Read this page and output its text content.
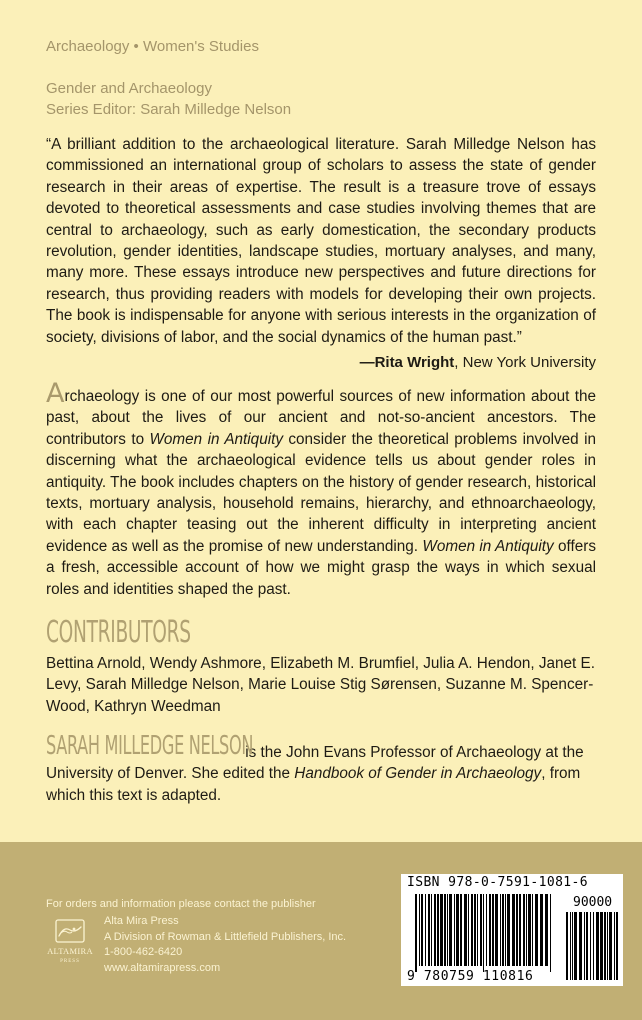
Archaeology • Women's Studies
Gender and Archaeology
Series Editor: Sarah Milledge Nelson
“A brilliant addition to the archaeological literature. Sarah Milledge Nelson has commissioned an international group of scholars to assess the state of gender research in their areas of expertise. The result is a treasure trove of essays devoted to theoretical assessments and case studies involving themes that are central to archaeology, such as early domestication, the secondary products revolution, gender identities, landscape studies, mortuary analyses, and many, many more. These essays introduce new perspectives and future directions for research, thus providing readers with models for developing their own projects. The book is indispensable for anyone with serious interests in the organization of society, divisions of labor, and the social dynamics of the human past.”
—Rita Wright, New York University
Archaeology is one of our most powerful sources of new information about the past, about the lives of our ancient and not-so-ancient ancestors. The contributors to Women in Antiquity consider the theoretical problems involved in discerning what the archaeological evidence tells us about gender roles in antiquity. The book includes chapters on the history of gender research, historical texts, mortuary analysis, household remains, hierarchy, and ethnoarchaeology, with each chapter teasing out the inherent difficulty in interpreting ancient evidence as well as the promise of new understanding. Women in Antiquity offers a fresh, accessible account of how we might grasp the ways in which sexual roles and identities shaped the past.
CONTRIBUTORS
Bettina Arnold, Wendy Ashmore, Elizabeth M. Brumfiel, Julia A. Hendon, Janet E. Levy, Sarah Milledge Nelson, Marie Louise Stig Sørensen, Suzanne M. Spencer-Wood, Kathryn Weedman
SARAH MILLEDGE NELSON
is the John Evans Professor of Archaeology at the University of Denver. She edited the Handbook of Gender in Archaeology, from which this text is adapted.
For orders and information please contact the publisher
ALTAMIRA
PRESS
Alta Mira Press
A Division of Rowman & Littlefield Publishers, Inc.
1-800-462-6420
www.altamirapress.com
ISBN 978-0-7591-1081-6
90000
9 780759 110816
